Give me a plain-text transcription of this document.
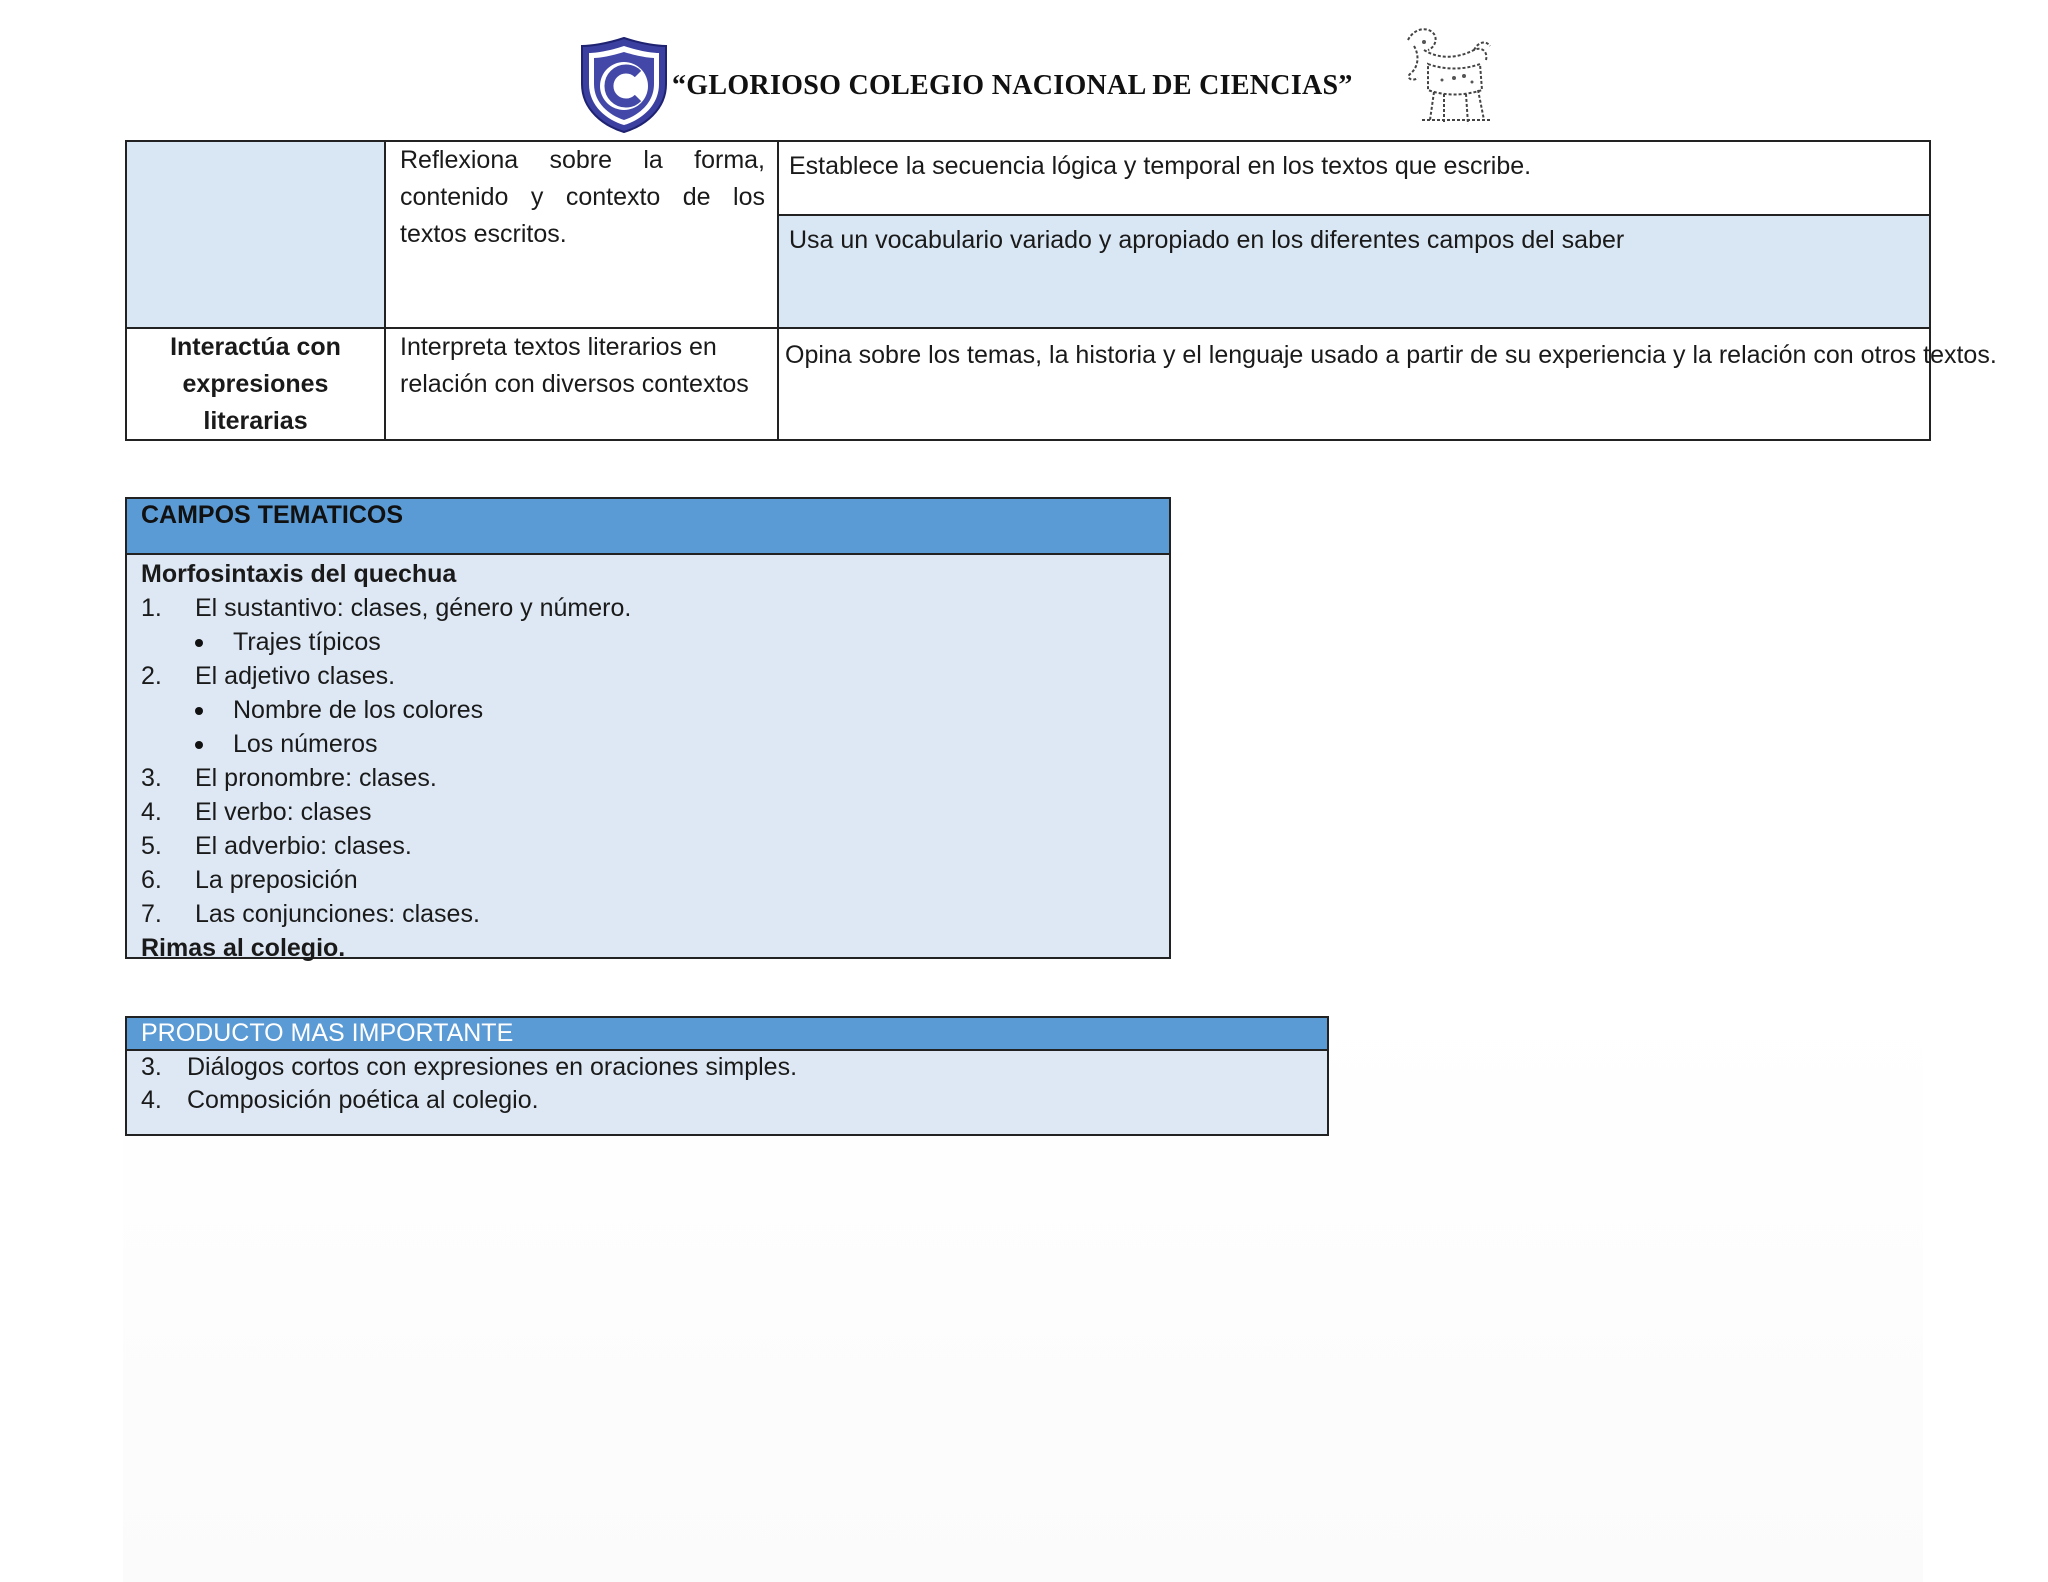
“GLORIOSO COLEGIO NACIONAL DE CIENCIAS”
Reflexiona sobre la forma, contenido y contexto de los textos escritos.
Establece la secuencia lógica y temporal en los textos que escribe.
Usa un vocabulario variado y apropiado en los diferentes campos del saber
Interactúa con expresiones literarias
Interpreta textos literarios en relación con diversos contextos
Opina sobre los temas, la historia y el lenguaje usado a partir de su experiencia y la relación con otros textos.
CAMPOS TEMATICOS
Morfosintaxis del quechua
1. El sustantivo: clases, género y número.
Trajes típicos
2. El adjetivo clases.
Nombre de los colores
Los números
3. El pronombre: clases.
4. El verbo: clases
5. El adverbio: clases.
6. La preposición
7. Las conjunciones: clases.
Rimas al colegio.
PRODUCTO MAS IMPORTANTE
3. Diálogos cortos con expresiones en oraciones simples.
4. Composición poética al colegio.
